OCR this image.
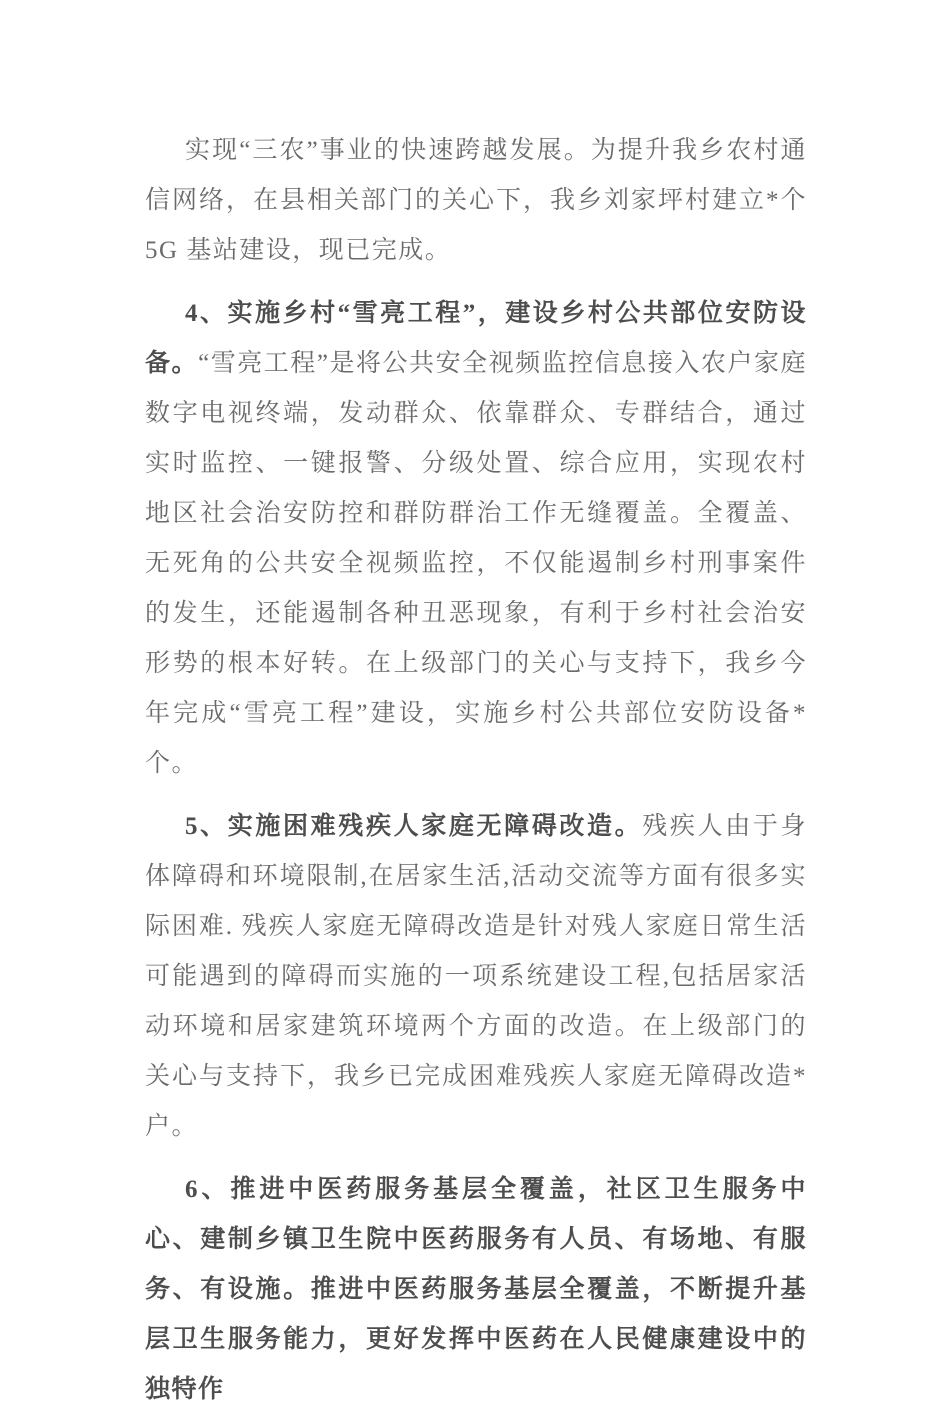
实现“三农”事业的快速跨越发展。为提升我乡农村通信网络，在县相关部门的关心下，我乡刘家坪村建立*个 5G 基站建设，现已完成。

4、实施乡村“雪亮工程”，建设乡村公共部位安防设备。“雪亮工程”是将公共安全视频监控信息接入农户家庭数字电视终端，发动群众、依靠群众、专群结合，通过实时监控、一键报警、分级处置、综合应用，实现农村地区社会治安防控和群防群治工作无缝覆盖。全覆盖、无死角的公共安全视频监控，不仅能遏制乡村刑事案件的发生，还能遏制各种丑恶现象，有利于乡村社会治安形势的根本好转。在上级部门的关心与支持下，我乡今年完成“雪亮工程”建设，实施乡村公共部位安防设备*个。

5、实施困难残疾人家庭无障碍改造。残疾人由于身体障碍和环境限制,在居家生活,活动交流等方面有很多实际困难. 残疾人家庭无障碍改造是针对残人家庭日常生活可能遇到的障碍而实施的一项系统建设工程,包括居家活动环境和居家建筑环境两个方面的改造。在上级部门的关心与支持下，我乡已完成困难残疾人家庭无障碍改造*户。

6、推进中医药服务基层全覆盖，社区卫生服务中心、建制乡镇卫生院中医药服务有人员、有场地、有服务、有设施。推进中医药服务基层全覆盖，不断提升基层卫生服务能力，更好发挥中医药在人民健康建设中的独特作
